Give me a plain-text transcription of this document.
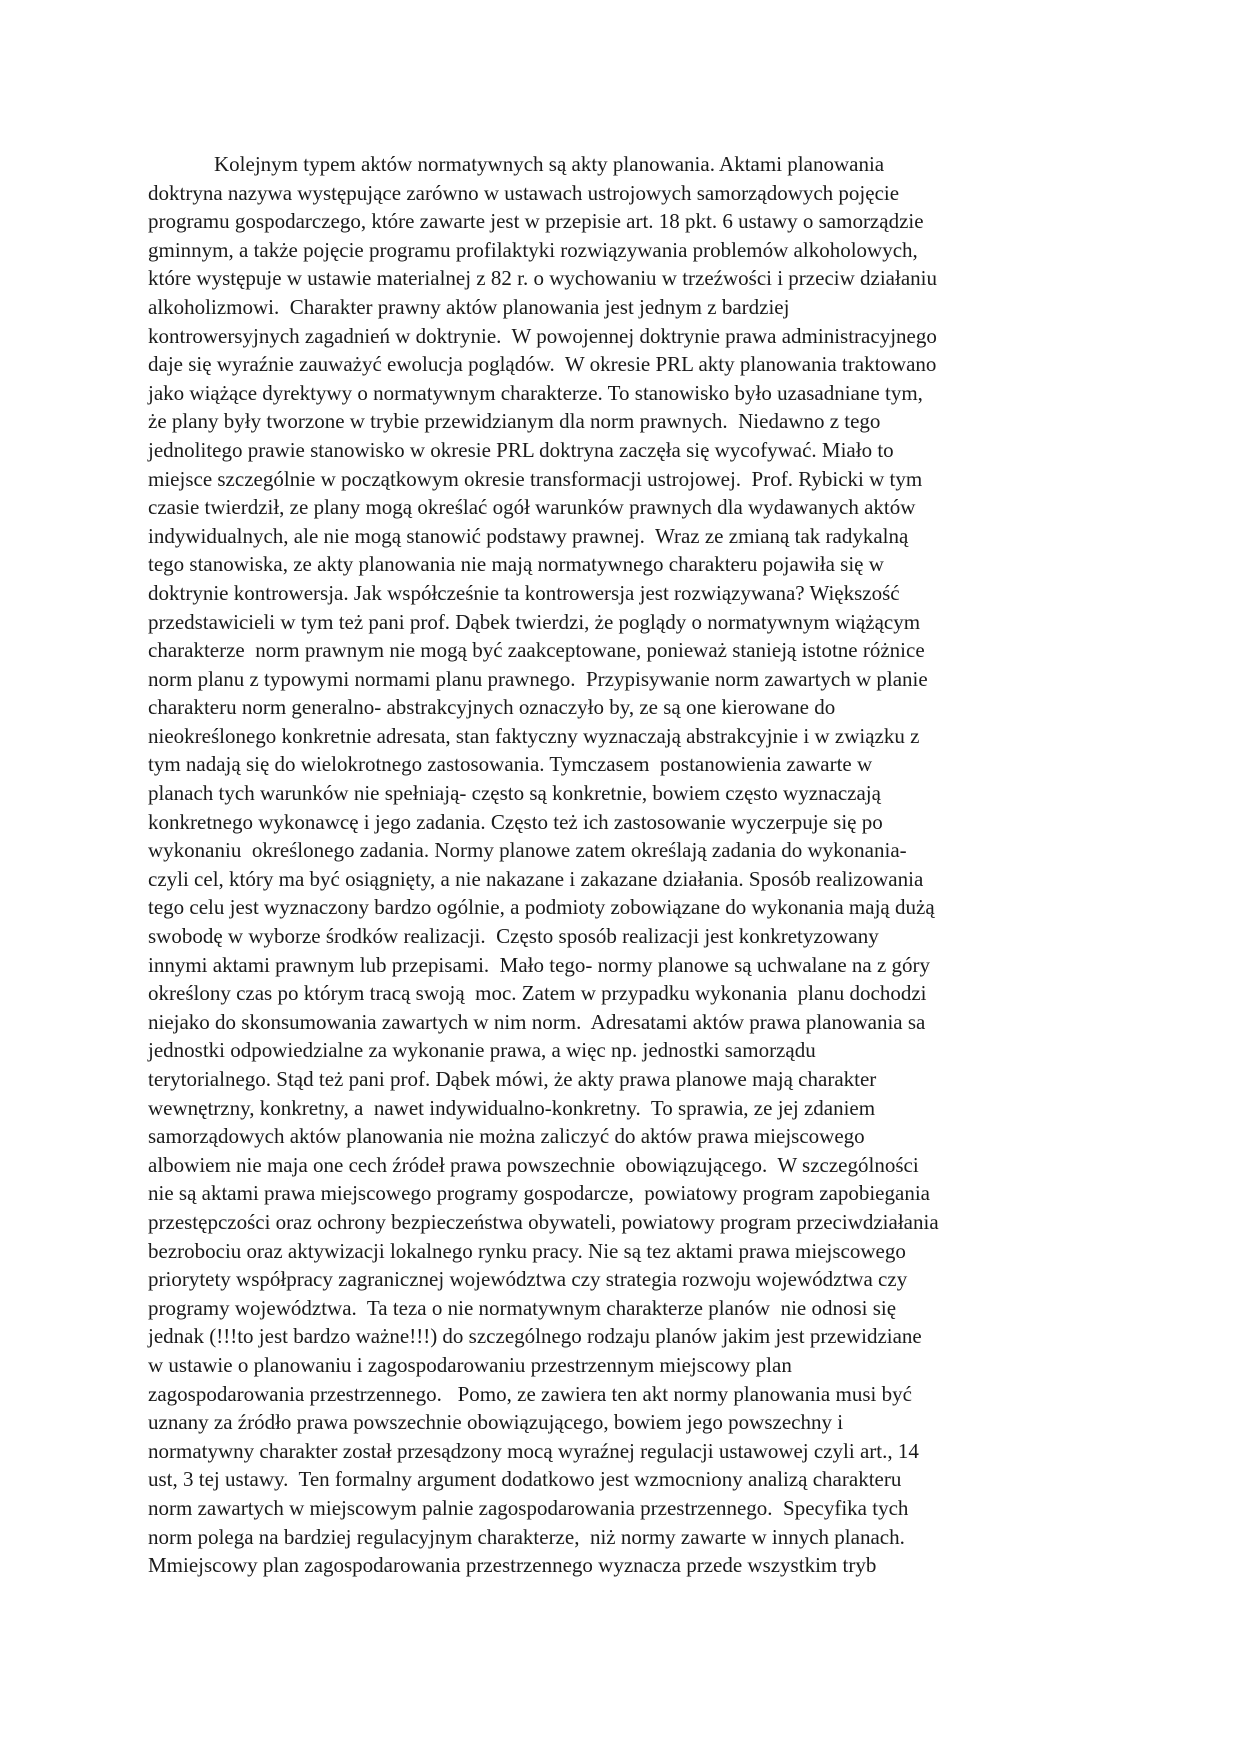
Kolejnym typem aktów normatywnych są akty planowania. Aktami planowania
doktryna nazywa występujące zarówno w ustawach ustrojowych samorządowych pojęcie
programu gospodarczego, które zawarte jest w przepisie art. 18 pkt. 6 ustawy o samorządzie
gminnym, a także pojęcie programu profilaktyki rozwiązywania problemów alkoholowych,
które występuje w ustawie materialnej z 82 r. o wychowaniu w trzeźwości i przeciw działaniu
alkoholizmowi.  Charakter prawny aktów planowania jest jednym z bardziej
kontrowersyjnych zagadnień w doktrynie.  W powojennej doktrynie prawa administracyjnego
daje się wyraźnie zauważyć ewolucja poglądów.  W okresie PRL akty planowania traktowano
jako wiążące dyrektywy o normatywnym charakterze. To stanowisko było uzasadniane tym,
że plany były tworzone w trybie przewidzianym dla norm prawnych.  Niedawno z tego
jednolitego prawie stanowisko w okresie PRL doktryna zaczęła się wycofywać. Miało to
miejsce szczególnie w początkowym okresie transformacji ustrojowej.  Prof. Rybicki w tym
czasie twierdził, ze plany mogą określać ogół warunków prawnych dla wydawanych aktów
indywidualnych, ale nie mogą stanowić podstawy prawnej.  Wraz ze zmianą tak radykalną
tego stanowiska, ze akty planowania nie mają normatywnego charakteru pojawiła się w
doktrynie kontrowersja. Jak współcześnie ta kontrowersja jest rozwiązywana? Większość
przedstawicieli w tym też pani prof. Dąbek twierdzi, że poglądy o normatywnym wiążącym
charakterze  norm prawnym nie mogą być zaakceptowane, ponieważ stanieją istotne różnice
norm planu z typowymi normami planu prawnego.  Przypisywanie norm zawartych w planie
charakteru norm generalno- abstrakcyjnych oznaczyło by, ze są one kierowane do
nieokreślonego konkretnie adresata, stan faktyczny wyznaczają abstrakcyjnie i w związku z
tym nadają się do wielokrotnego zastosowania. Tymczasem  postanowienia zawarte w
planach tych warunków nie spełniają- często są konkretnie, bowiem często wyznaczają
konkretnego wykonawcę i jego zadania. Często też ich zastosowanie wyczerpuje się po
wykonaniu  określonego zadania. Normy planowe zatem określają zadania do wykonania-
czyli cel, który ma być osiągnięty, a nie nakazane i zakazane działania. Sposób realizowania
tego celu jest wyznaczony bardzo ogólnie, a podmioty zobowiązane do wykonania mają dużą
swobodę w wyborze środków realizacji.  Często sposób realizacji jest konkretyzowany
innymi aktami prawnym lub przepisami.  Mało tego- normy planowe są uchwalane na z góry
określony czas po którym tracą swoją  moc. Zatem w przypadku wykonania  planu dochodzi
niejako do skonsumowania zawartych w nim norm.  Adresatami aktów prawa planowania sa
jednostki odpowiedzialne za wykonanie prawa, a więc np. jednostki samorządu
terytorialnego. Stąd też pani prof. Dąbek mówi, że akty prawa planowe mają charakter
wewnętrzny, konkretny, a  nawet indywidualno-konkretny.  To sprawia, ze jej zdaniem
samorządowych aktów planowania nie można zaliczyć do aktów prawa miejscowego
albowiem nie maja one cech źródeł prawa powszechnie  obowiązującego.  W szczególności
nie są aktami prawa miejscowego programy gospodarcze,  powiatowy program zapobiegania
przestępczości oraz ochrony bezpieczeństwa obywateli, powiatowy program przeciwdziałania
bezrobociu oraz aktywizacji lokalnego rynku pracy. Nie są tez aktami prawa miejscowego
priorytety współpracy zagranicznej województwa czy strategia rozwoju województwa czy
programy województwa.  Ta teza o nie normatywnym charakterze planów  nie odnosi się
jednak (!!!to jest bardzo ważne!!!) do szczególnego rodzaju planów jakim jest przewidziane
w ustawie o planowaniu i zagospodarowaniu przestrzennym miejscowy plan
zagospodarowania przestrzennego.   Pomo, ze zawiera ten akt normy planowania musi być
uznany za źródło prawa powszechnie obowiązującego, bowiem jego powszechny i
normatywny charakter został przesądzony mocą wyraźnej regulacji ustawowej czyli art., 14
ust, 3 tej ustawy.  Ten formalny argument dodatkowo jest wzmocniony analizą charakteru
norm zawartych w miejscowym palnie zagospodarowania przestrzennego.  Specyfika tych
norm polega na bardziej regulacyjnym charakterze,  niż normy zawarte w innych planach.
Mmiejscowy plan zagospodarowania przestrzennego wyznacza przede wszystkim tryb
